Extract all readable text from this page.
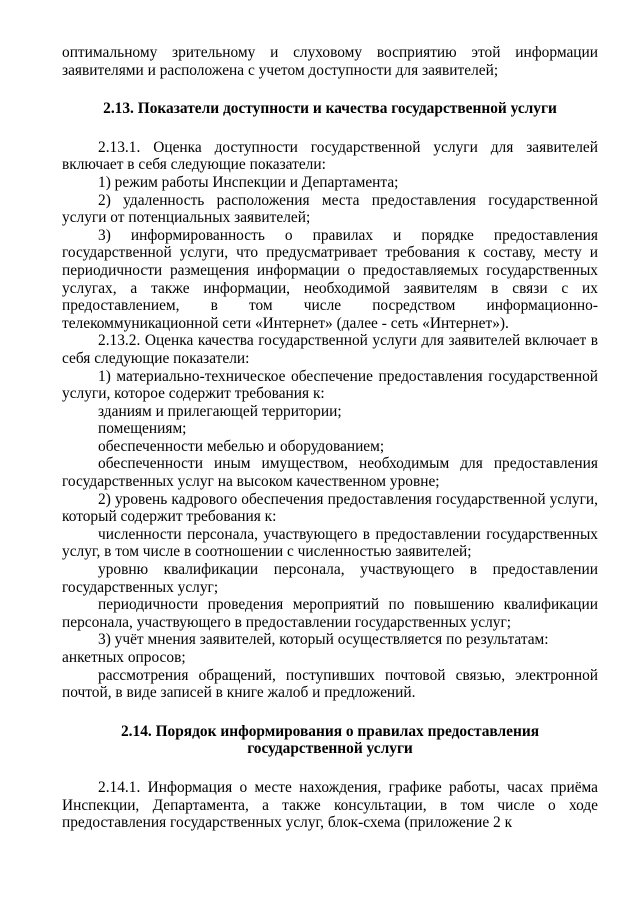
оптимальному зрительному и слуховому восприятию этой информации заявителями и расположена с учетом доступности для заявителей;

2.13. Показатели доступности и качества государственной услуги

2.13.1. Оценка доступности государственной услуги для заявителей включает в себя следующие показатели:

1) режим работы Инспекции и Департамента;

2) удаленность расположения места предоставления государственной услуги от потенциальных заявителей;

3) информированность о правилах и порядке предоставления государственной услуги, что предусматривает требования к составу, месту и периодичности размещения информации о предоставляемых государственных услугах, а также информации, необходимой заявителям в связи с их предоставлением, в том числе посредством информационно-телекоммуникационной сети «Интернет» (далее - сеть «Интернет»).

2.13.2. Оценка качества государственной услуги для заявителей включает в себя следующие показатели:

1) материально-техническое обеспечение предоставления государственной услуги, которое содержит требования к:

зданиям и прилегающей территории;

помещениям;

обеспеченности мебелью и оборудованием;

обеспеченности иным имуществом, необходимым для предоставления государственных услуг на высоком качественном уровне;

2) уровень кадрового обеспечения предоставления государственной услуги, который содержит требования к:

численности персонала, участвующего в предоставлении государственных услуг, в том числе в соотношении с численностью заявителей;

уровню квалификации персонала, участвующего в предоставлении государственных услуг;

периодичности проведения мероприятий по повышению квалификации персонала, участвующего в предоставлении государственных услуг;

3) учёт мнения заявителей, который осуществляется по результатам:

анкетных опросов;

рассмотрения обращений, поступивших почтовой связью, электронной почтой, в виде записей в книге жалоб и предложений.

2.14. Порядок информирования о правилах предоставления государственной услуги

2.14.1. Информация о месте нахождения, графике работы, часах приёма Инспекции, Департамента, а также консультации, в том числе о ходе предоставления государственных услуг, блок-схема (приложение 2 к
